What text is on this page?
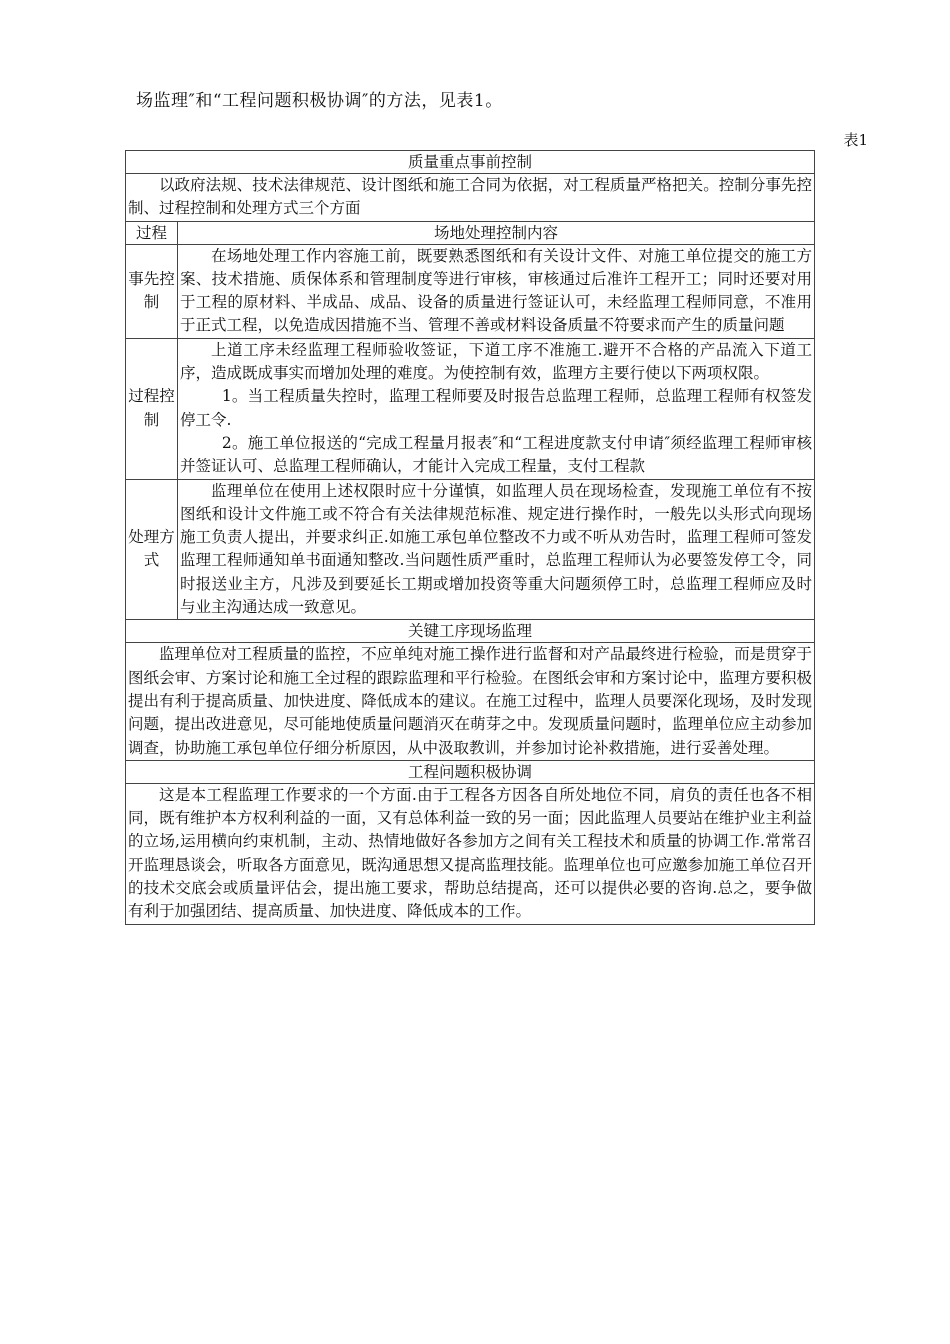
场监理″和“工程问题积极协调″的方法，见表1。
表1
质量重点事前控制	
以政府法规、技术法律规范、设计图纸和施工合同为依据，对工程质量严格把关。控制分事先控制、过程控制和处理方式三个方面	
过程	场地处理控制内容
事先控制	在场地处理工作内容施工前，既要熟悉图纸和有关设计文件、对施工单位提交的施工方案、技术措施、质保体系和管理制度等进行审核，审核通过后准许工程开工；同时还要对用于工程的原材料、半成品、成品、设备的质量进行签证认可，未经监理工程师同意，不准用于正式工程，以免造成因措施不当、管理不善或材料设备质量不符要求而产生的质量问题

过程控制	上道工序未经监理工程师验收签证，下道工序不准施工.避开不合格的产品流入下道工序，造成既成事实而增加处理的难度。为使控制有效，监理方主要行使以下两项权限。

1。当工程质量失控时，监理工程师要及时报告总监理工程师，总监理工程师有权签发停工令.

2。施工单位报送的“完成工程量月报表″和“工程进度款支付申请″须经监理工程师审核并签证认可、总监理工程师确认，才能计入完成工程量，支付工程款

处理方式	监理单位在使用上述权限时应十分谨慎，如监理人员在现场检查，发现施工单位有不按图纸和设计文件施工或不符合有关法律规范标准、规定进行操作时，一般先以头形式向现场施工负责人提出，并要求纠正.如施工承包单位整改不力或不听从劝告时，监理工程师可签发监理工程师通知单书面通知整改.当问题性质严重时，总监理工程师认为必要签发停工令，同时报送业主方，凡涉及到要延长工期或增加投资等重大问题须停工时，总监理工程师应及时与业主沟通达成一致意见。

关键工序现场监理	
监理单位对工程质量的监控，不应单纯对施工操作进行监督和对产品最终进行检验，而是贯穿于图纸会审、方案讨论和施工全过程的跟踪监理和平行检验。在图纸会审和方案讨论中，监理方要积极提出有利于提高质量、加快进度、降低成本的建议。在施工过程中，监理人员要深化现场，及时发现问题，提出改进意见，尽可能地使质量问题消灭在萌芽之中。发现质量问题时，监理单位应主动参加调查，协助施工承包单位仔细分析原因，从中汲取教训，并参加讨论补救措施，进行妥善处理。	
工程问题积极协调	
这是本工程监理工作要求的一个方面.由于工程各方因各自所处地位不同，肩负的责任也各不相同，既有维护本方权利利益的一面，又有总体利益一致的另一面；因此监理人员要站在维护业主利益的立场,运用横向约束机制，主动、热情地做好各参加方之间有关工程技术和质量的协调工作.常常召开监理恳谈会，听取各方面意见，既沟通思想又提高监理技能。监理单位也可应邀参加施工单位召开的技术交底会或质量评估会，提出施工要求，帮助总结提高，还可以提供必要的咨询.总之，要争做有利于加强团结、提高质量、加快进度、降低成本的工作。	
